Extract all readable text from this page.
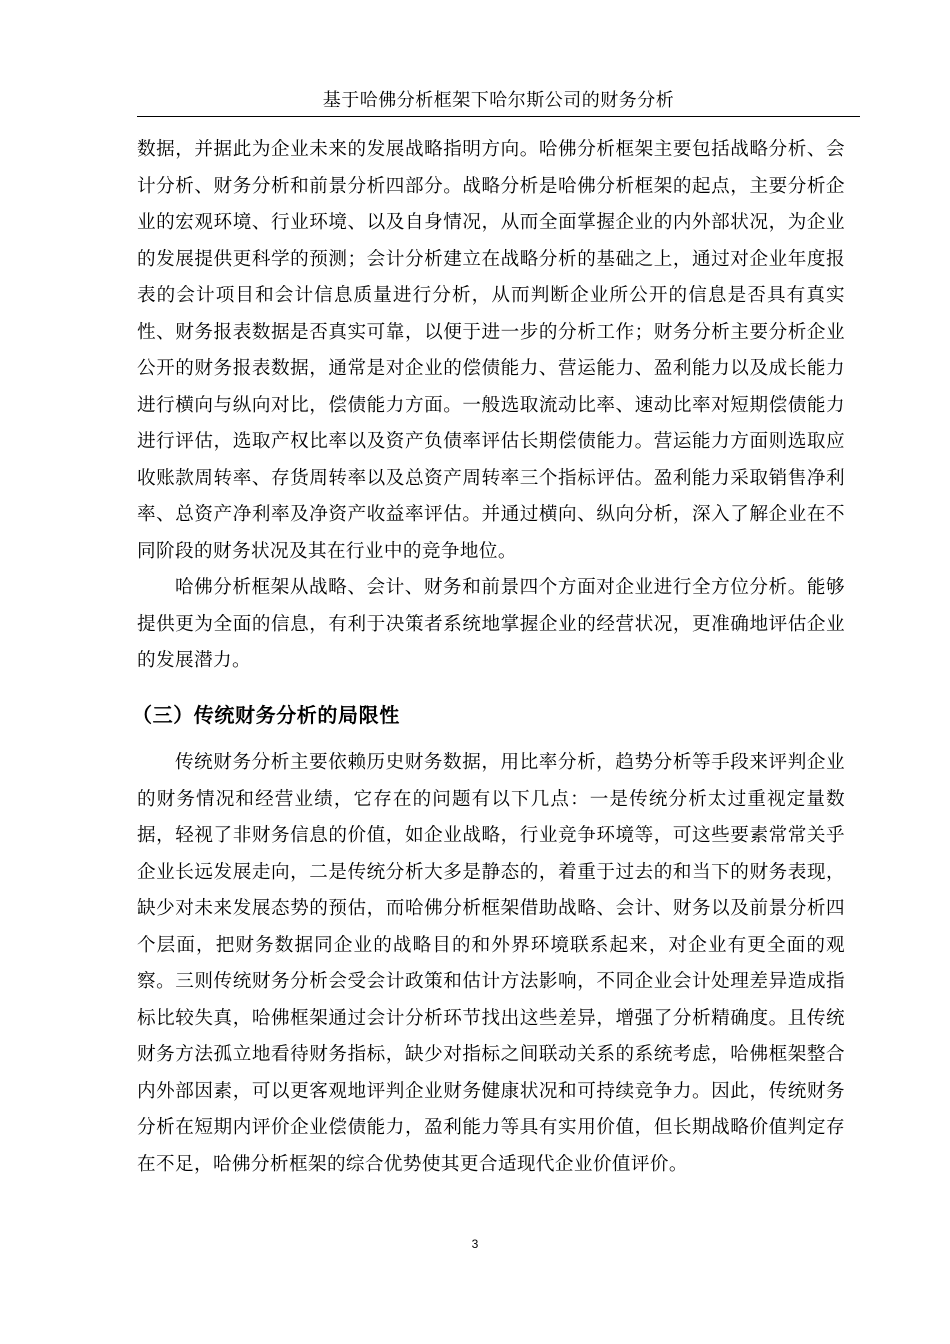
基于哈佛分析框架下哈尔斯公司的财务分析

数据，并据此为企业未来的发展战略指明方向。哈佛分析框架主要包括战略分析、会计分析、财务分析和前景分析四部分。战略分析是哈佛分析框架的起点，主要分析企业的宏观环境、行业环境、以及自身情况，从而全面掌握企业的内外部状况，为企业的发展提供更科学的预测；会计分析建立在战略分析的基础之上，通过对企业年度报表的会计项目和会计信息质量进行分析，从而判断企业所公开的信息是否具有真实性、财务报表数据是否真实可靠，以便于进一步的分析工作；财务分析主要分析企业公开的财务报表数据，通常是对企业的偿债能力、营运能力、盈利能力以及成长能力进行横向与纵向对比，偿债能力方面。一般选取流动比率、速动比率对短期偿债能力进行评估，选取产权比率以及资产负债率评估长期偿债能力。营运能力方面则选取应收账款周转率、存货周转率以及总资产周转率三个指标评估。盈利能力采取销售净利率、总资产净利率及净资产收益率评估。并通过横向、纵向分析，深入了解企业在不同阶段的财务状况及其在行业中的竞争地位。

哈佛分析框架从战略、会计、财务和前景四个方面对企业进行全方位分析。能够提供更为全面的信息，有利于决策者系统地掌握企业的经营状况，更准确地评估企业的发展潜力。

（三）传统财务分析的局限性

传统财务分析主要依赖历史财务数据，用比率分析，趋势分析等手段来评判企业的财务情况和经营业绩，它存在的问题有以下几点：一是传统分析太过重视定量数据，轻视了非财务信息的价值，如企业战略，行业竞争环境等，可这些要素常常关乎企业长远发展走向，二是传统分析大多是静态的，着重于过去的和当下的财务表现，缺少对未来发展态势的预估，而哈佛分析框架借助战略、会计、财务以及前景分析四个层面，把财务数据同企业的战略目的和外界环境联系起来，对企业有更全面的观察。三则传统财务分析会受会计政策和估计方法影响，不同企业会计处理差异造成指标比较失真，哈佛框架通过会计分析环节找出这些差异，增强了分析精确度。且传统财务方法孤立地看待财务指标，缺少对指标之间联动关系的系统考虑，哈佛框架整合内外部因素，可以更客观地评判企业财务健康状况和可持续竞争力。因此，传统财务分析在短期内评价企业偿债能力，盈利能力等具有实用价值，但长期战略价值判定存在不足，哈佛分析框架的综合优势使其更合适现代企业价值评价。

3
